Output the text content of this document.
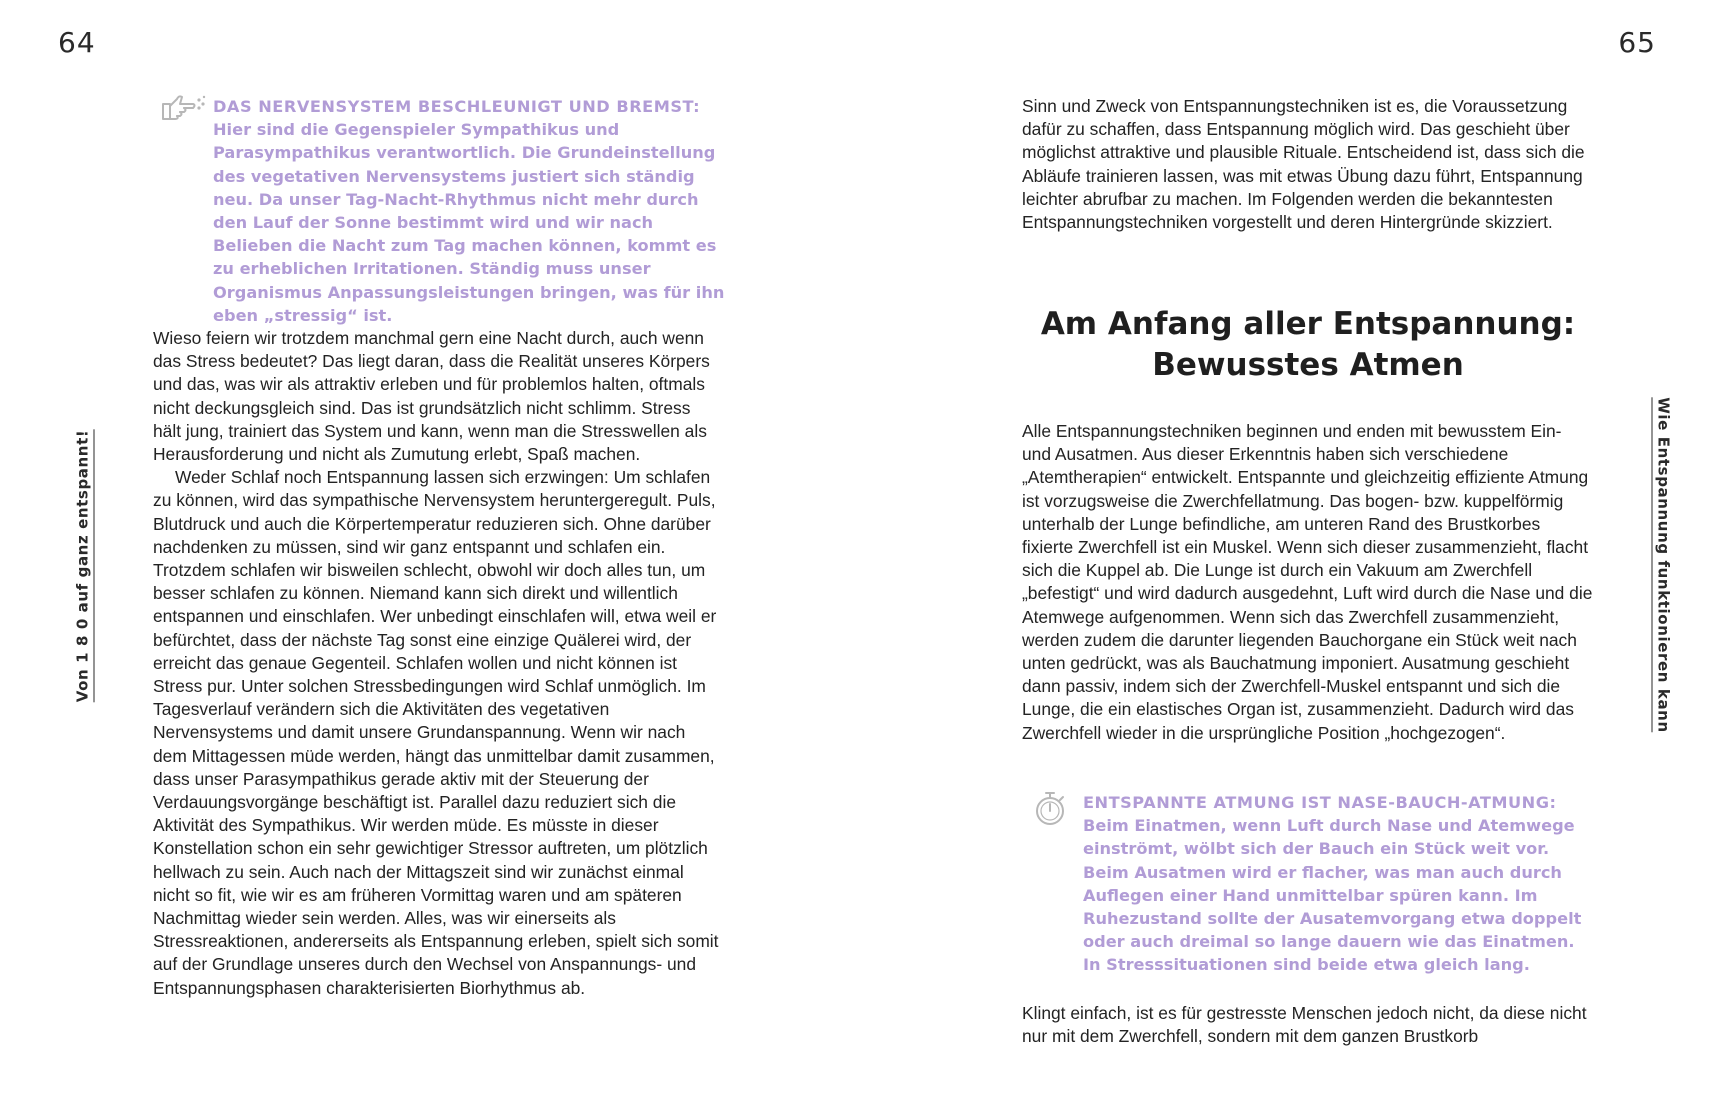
64	65
Von 1 8 0 auf ganz entspannt!	Wie Entspannung funktionieren kann
DAS NERVENSYSTEM BESCHLEUNIGT UND BREMST:
Hier sind die Gegenspieler Sympathikus und Parasympathikus verantwortlich. Die Grundeinstellung des vegetativen Nervensystems justiert sich ständig neu. Da unser Tag-Nacht-Rhythmus nicht mehr durch den Lauf der Sonne bestimmt wird und wir nach Belieben die Nacht zum Tag machen können, kommt es zu erheblichen Irritationen. Ständig muss unser Organismus Anpassungsleistungen bringen, was für ihn eben „stressig“ ist.

Wieso feiern wir trotzdem manchmal gern eine Nacht durch, auch wenn das Stress bedeutet? Das liegt daran, dass die Realität unseres Körpers und das, was wir als attraktiv erleben und für problemlos halten, oftmals nicht deckungsgleich sind. Das ist grundsätzlich nicht schlimm. Stress hält jung, trainiert das System und kann, wenn man die Stresswellen als Herausforderung und nicht als Zumutung erlebt, Spaß machen.

Weder Schlaf noch Entspannung lassen sich erzwingen: Um schlafen zu können, wird das sympathische Nervensystem heruntergeregult. Puls, Blutdruck und auch die Körpertemperatur reduzieren sich. Ohne darüber nachdenken zu müssen, sind wir ganz entspannt und schlafen ein. Trotzdem schlafen wir bisweilen schlecht, obwohl wir doch alles tun, um besser schlafen zu können. Niemand kann sich direkt und willentlich entspannen und einschlafen. Wer unbedingt einschlafen will, etwa weil er befürchtet, dass der nächste Tag sonst eine einzige Quälerei wird, der erreicht das genaue Gegenteil. Schlafen wollen und nicht können ist Stress pur. Unter solchen Stressbedingungen wird Schlaf unmöglich. Im Tagesverlauf verändern sich die Aktivitäten des vegetativen Nervensystems und damit unsere Grundanspannung. Wenn wir nach dem Mittagessen müde werden, hängt das unmittelbar damit zusammen, dass unser Parasympathikus gerade aktiv mit der Steuerung der Verdauungsvorgänge beschäftigt ist. Parallel dazu reduziert sich die Aktivität des Sympathikus. Wir werden müde. Es müsste in dieser Konstellation schon ein sehr gewichtiger Stressor auftreten, um plötzlich hellwach zu sein. Auch nach der Mittagszeit sind wir zunächst einmal nicht so fit, wie wir es am früheren Vormittag waren und am späteren Nachmittag wieder sein werden. Alles, was wir einerseits als Stressreaktionen, andererseits als Entspannung erleben, spielt sich somit auf der Grundlage unseres durch den Wechsel von Anspannungs- und Entspannungsphasen charakterisierten Biorhythmus ab.

Sinn und Zweck von Entspannungstechniken ist es, die Voraussetzung dafür zu schaffen, dass Entspannung möglich wird. Das geschieht über möglichst attraktive und plausible Rituale. Entscheidend ist, dass sich die Abläufe trainieren lassen, was mit etwas Übung dazu führt, Entspannung leichter abrufbar zu machen. Im Folgenden werden die bekanntesten Entspannungstechniken vorgestellt und deren Hintergründe skizziert.

Am Anfang aller Entspannung:
Bewusstes Atmen

Alle Entspannungstechniken beginnen und enden mit bewusstem Ein- und Ausatmen. Aus dieser Erkenntnis haben sich verschiedene „Atemtherapien“ entwickelt. Entspannte und gleichzeitig effiziente Atmung ist vorzugsweise die Zwerchfellatmung. Das bogen- bzw. kuppelförmig unterhalb der Lunge befindliche, am unteren Rand des Brustkorbes fixierte Zwerchfell ist ein Muskel. Wenn sich dieser zusammenzieht, flacht sich die Kuppel ab. Die Lunge ist durch ein Vakuum am Zwerchfell „befestigt“ und wird dadurch ausgedehnt, Luft wird durch die Nase und die Atemwege aufgenommen. Wenn sich das Zwerchfell zusammenzieht, werden zudem die darunter liegenden Bauchorgane ein Stück weit nach unten gedrückt, was als Bauchatmung imponiert. Ausatmung geschieht dann passiv, indem sich der Zwerchfell-Muskel entspannt und sich die Lunge, die ein elastisches Organ ist, zusammenzieht. Dadurch wird das Zwerchfell wieder in die ursprüngliche Position „hochgezogen“.

ENTSPANNTE ATMUNG IST NASE-BAUCH-ATMUNG:
Beim Einatmen, wenn Luft durch Nase und Atemwege einströmt, wölbt sich der Bauch ein Stück weit vor. Beim Ausatmen wird er flacher, was man auch durch Auflegen einer Hand unmittelbar spüren kann. Im Ruhezustand sollte der Ausatemvorgang etwa doppelt oder auch dreimal so lange dauern wie das Einatmen. In Stresssituationen sind beide etwa gleich lang.

Klingt einfach, ist es für gestresste Menschen jedoch nicht, da diese nicht nur mit dem Zwerchfell, sondern mit dem ganzen Brustkorb
